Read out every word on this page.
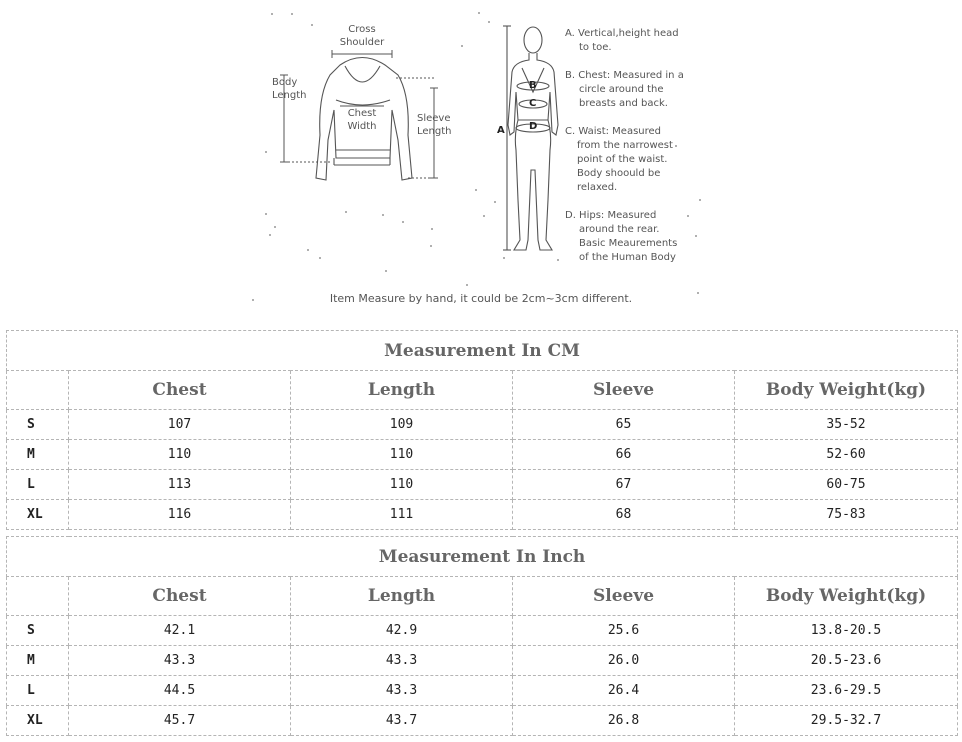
Cross
Shoulder
Body
Length
Chest
Width
Sleeve
Length	A
B
C
D
A. Vertical,height head
to toe.
B. Chest: Measured in a
circle around the
breasts and back.
C. Waist: Measured
from the narrowest
point of the waist.
Body shoould be
relaxed.
D. Hips: Measured
around the rear.
Basic Meaurements
of the Human Body
Item Measure by hand, it could be 2cm~3cm different.
Measurement In CM				
	Chest	Length	Sleeve	Body Weight(kg)
S	107	109	65	35-52
M	110	110	66	52-60
L	113	110	67	60-75
XL	116	111	68	75-83
Measurement In Inch				
	Chest	Length	Sleeve	Body Weight(kg)
S	42.1	42.9	25.6	13.8-20.5
M	43.3	43.3	26.0	20.5-23.6
L	44.5	43.3	26.4	23.6-29.5
XL	45.7	43.7	26.8	29.5-32.7
